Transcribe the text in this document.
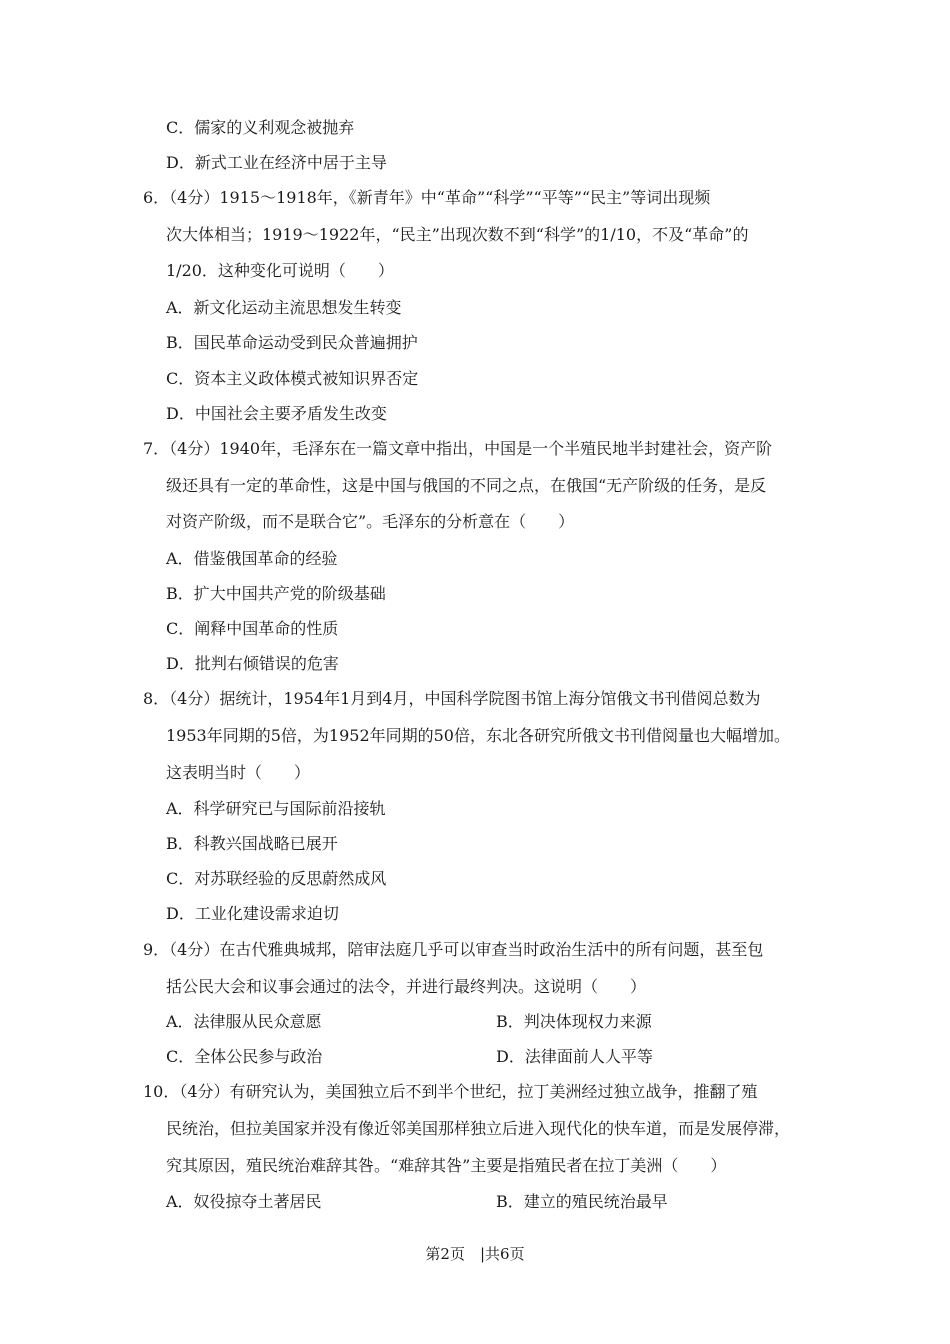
C．儒家的义利观念被抛弃
D．新式工业在经济中居于主导
6．（4分）1915～1918年，《新青年》中“革命”“科学”“平等”“民主”等词出现频
次大体相当；1919～1922年，“民主”出现次数不到“科学”的1/10，不及“革命”的
1/20．这种变化可说明（　　）
A．新文化运动主流思想发生转变
B．国民革命运动受到民众普遍拥护
C．资本主义政体模式被知识界否定
D．中国社会主要矛盾发生改变
7．（4分）1940年，毛泽东在一篇文章中指出，中国是一个半殖民地半封建社会，资产阶
级还具有一定的革命性，这是中国与俄国的不同之点，在俄国“无产阶级的任务，是反
对资产阶级，而不是联合它”。毛泽东的分析意在（　　）
A．借鉴俄国革命的经验
B．扩大中国共产党的阶级基础
C．阐释中国革命的性质
D．批判右倾错误的危害
8．（4分）据统计，1954年1月到4月，中国科学院图书馆上海分馆俄文书刊借阅总数为
1953年同期的5倍，为1952年同期的50倍，东北各研究所俄文书刊借阅量也大幅增加。
这表明当时（　　）
A．科学研究已与国际前沿接轨
B．科教兴国战略已展开
C．对苏联经验的反思蔚然成风
D．工业化建设需求迫切
9．（4分）在古代雅典城邦，陪审法庭几乎可以审查当时政治生活中的所有问题，甚至包
括公民大会和议事会通过的法令，并进行最终判决。这说明（　　）
A．法律服从民众意愿	B．判决体现权力来源
C．全体公民参与政治	D．法律面前人人平等
10．（4分）有研究认为，美国独立后不到半个世纪，拉丁美洲经过独立战争，推翻了殖
民统治，但拉美国家并没有像近邻美国那样独立后进入现代化的快车道，而是发展停滞，
究其原因，殖民统治难辞其咎。“难辞其咎”主要是指殖民者在拉丁美洲（　　）
A．奴役掠夺土著居民	B．建立的殖民统治最早
第2页　|共6页
